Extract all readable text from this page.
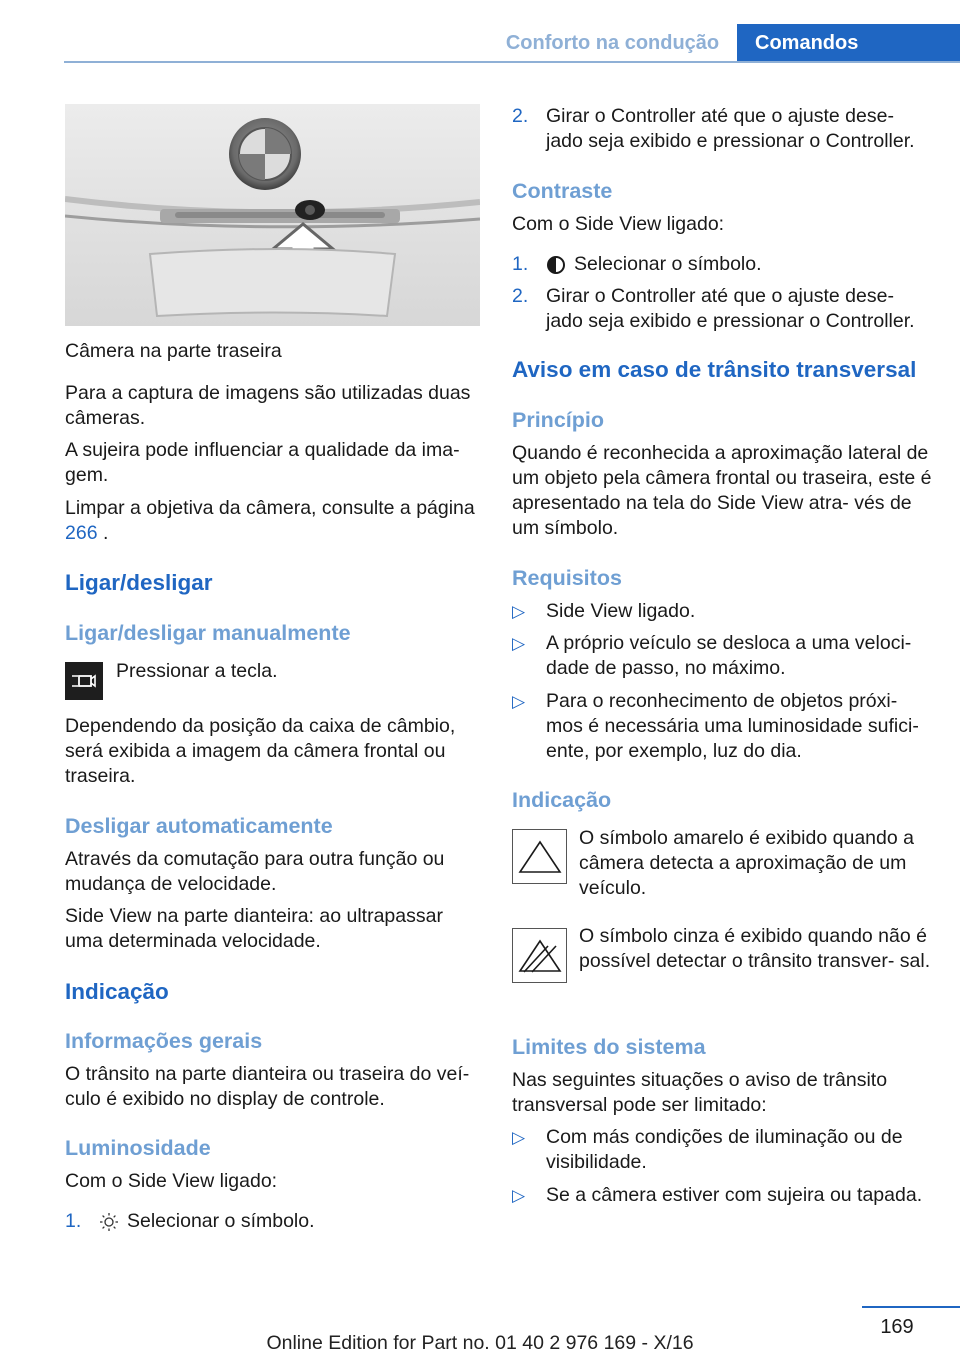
Conforto na condução	Comandos
Câmera na parte traseira
Para a captura de imagens são utilizadas duas câmeras.
A sujeira pode influenciar a qualidade da ima‐ gem.
Limpar a objetiva da câmera, consulte a página
266 .
Ligar/desligar
Ligar/desligar manualmente
Pressionar a tecla.
Dependendo da posição da caixa de câmbio, será exibida a imagem da câmera frontal ou traseira.
Desligar automaticamente
Através da comutação para outra função ou mudança de velocidade.
Side View na parte dianteira: ao ultrapassar uma determinada velocidade.
Indicação
Informações gerais
O trânsito na parte dianteira ou traseira do veí‐ culo é exibido no display de controle.
Luminosidade
Com o Side View ligado:
1. Selecionar o símbolo.
2. Girar o Controller até que o ajuste dese‐ jado seja exibido e pressionar o Controller.
Contraste
Com o Side View ligado:
1. Selecionar o símbolo.
2. Girar o Controller até que o ajuste dese‐ jado seja exibido e pressionar o Controller.
Aviso em caso de trânsito transversal
Princípio
Quando é reconhecida a aproximação lateral de um objeto pela câmera frontal ou traseira, este é apresentado na tela do Side View atra‐ vés de um símbolo.
Requisitos
▷ Side View ligado.
▷ A próprio veículo se desloca a uma veloci‐ dade de passo, no máximo.
▷ Para o reconhecimento de objetos próxi‐ mos é necessária uma luminosidade sufici‐ ente, por exemplo, luz do dia.
Indicação
O símbolo amarelo é exibido quando a câmera detecta a aproximação de um veículo.
O símbolo cinza é exibido quando não é possível detectar o trânsito transver‐ sal.
Limites do sistema
Nas seguintes situações o aviso de trânsito transversal pode ser limitado:
▷ Com más condições de iluminação ou de visibilidade.
▷ Se a câmera estiver com sujeira ou tapada.
169
Online Edition for Part no. 01 40 2 976 169 - X/16
